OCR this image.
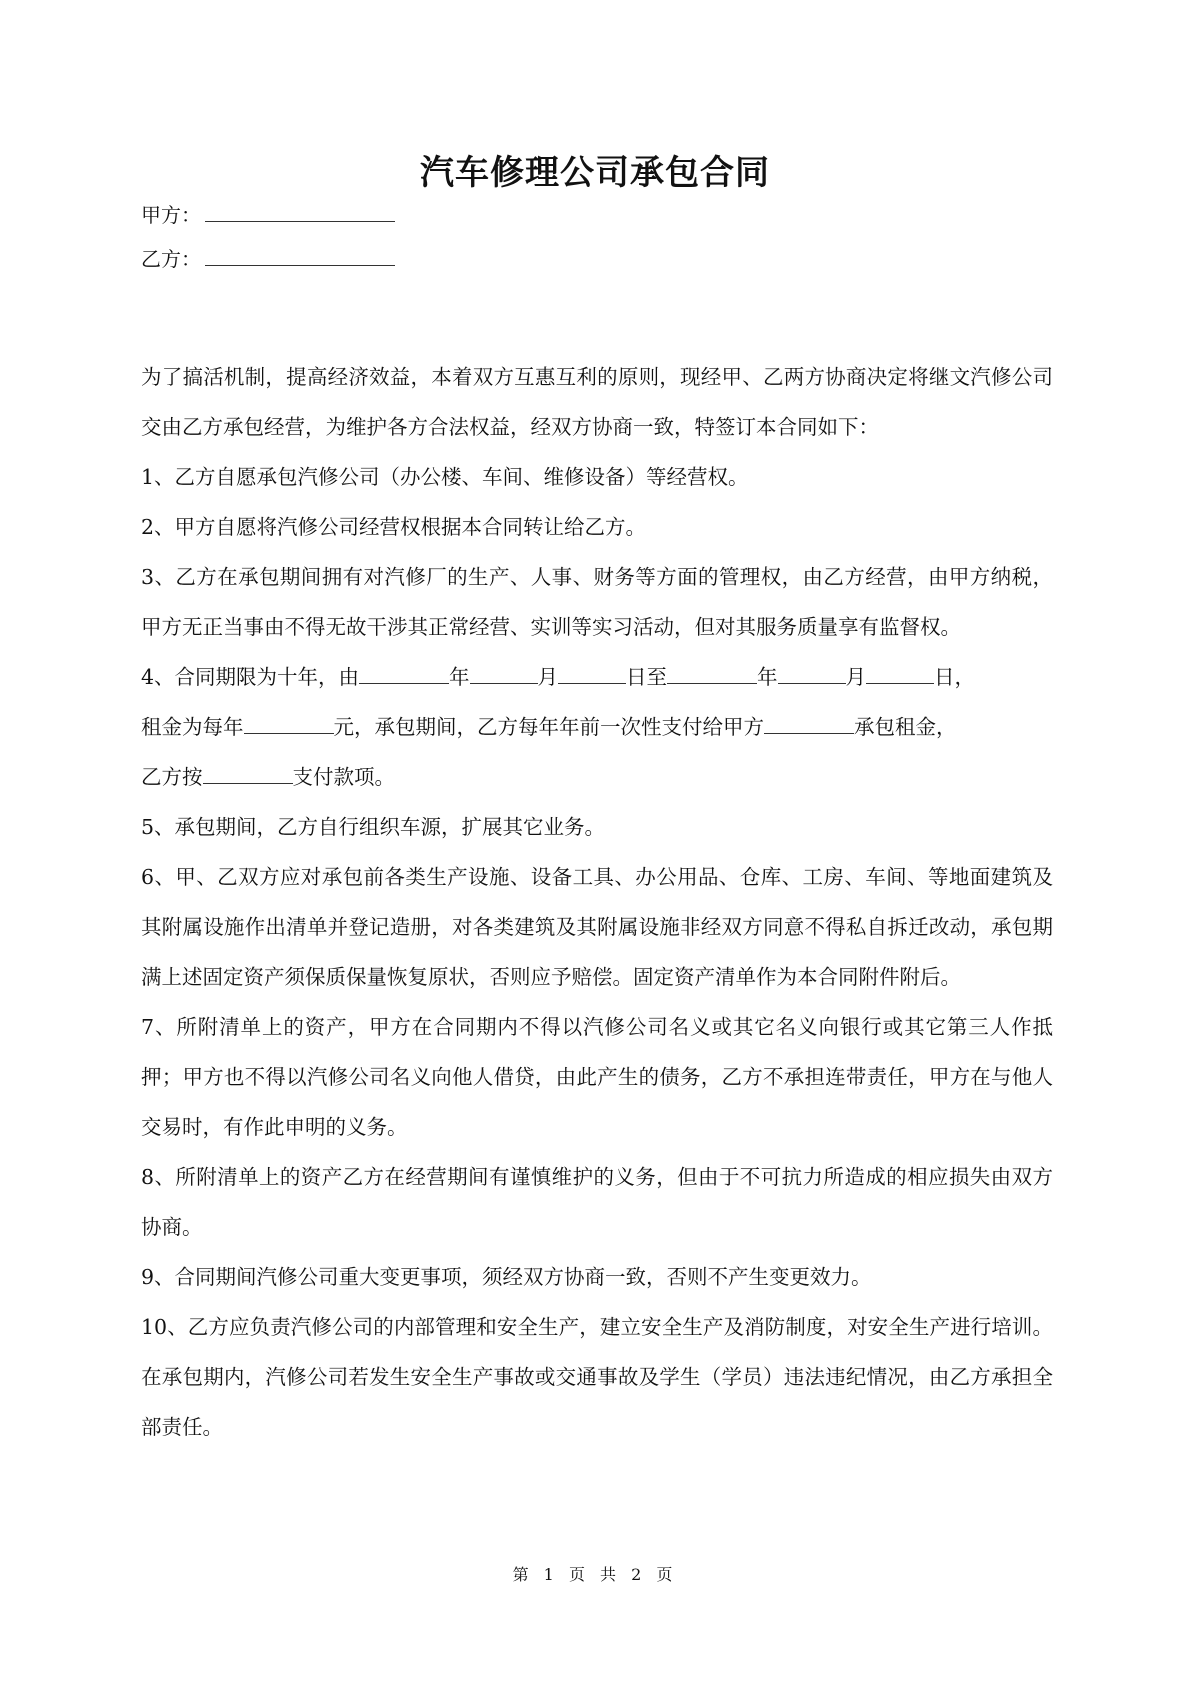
汽车修理公司承包合同
甲方：
乙方：

为了搞活机制，提高经济效益，本着双方互惠互利的原则，现经甲、乙两方协商决定将继文汽修公司交由乙方承包经营，为维护各方合法权益，经双方协商一致，特签订本合同如下：

1、乙方自愿承包汽修公司（办公楼、车间、维修设备）等经营权。

2、甲方自愿将汽修公司经营权根据本合同转让给乙方。

3、乙方在承包期间拥有对汽修厂的生产、人事、财务等方面的管理权，由乙方经营，由甲方纳税，甲方无正当事由不得无故干涉其正常经营、实训等实习活动，但对其服务质量享有监督权。

4、合同期限为十年，由	年	月	日至	年	月	日，
租金为每年	元，承包期间，乙方每年年前一次性支付给甲方	承包租金，
乙方按	支付款项。

5、承包期间，乙方自行组织车源，扩展其它业务。

6、甲、乙双方应对承包前各类生产设施、设备工具、办公用品、仓库、工房、车间、等地面建筑及其附属设施作出清单并登记造册，对各类建筑及其附属设施非经双方同意不得私自拆迁改动，承包期满上述固定资产须保质保量恢复原状，否则应予赔偿。固定资产清单作为本合同附件附后。

7、所附清单上的资产，甲方在合同期内不得以汽修公司名义或其它名义向银行或其它第三人作抵押；甲方也不得以汽修公司名义向他人借贷，由此产生的债务，乙方不承担连带责任，甲方在与他人交易时，有作此申明的义务。

8、所附清单上的资产乙方在经营期间有谨慎维护的义务，但由于不可抗力所造成的相应损失由双方协商。

9、合同期间汽修公司重大变更事项，须经双方协商一致，否则不产生变更效力。

10、乙方应负责汽修公司的内部管理和安全生产，建立安全生产及消防制度，对安全生产进行培训。在承包期内，汽修公司若发生安全生产事故或交通事故及学生（学员）违法违纪情况，由乙方承担全部责任。

第 1 页 共 2 页
